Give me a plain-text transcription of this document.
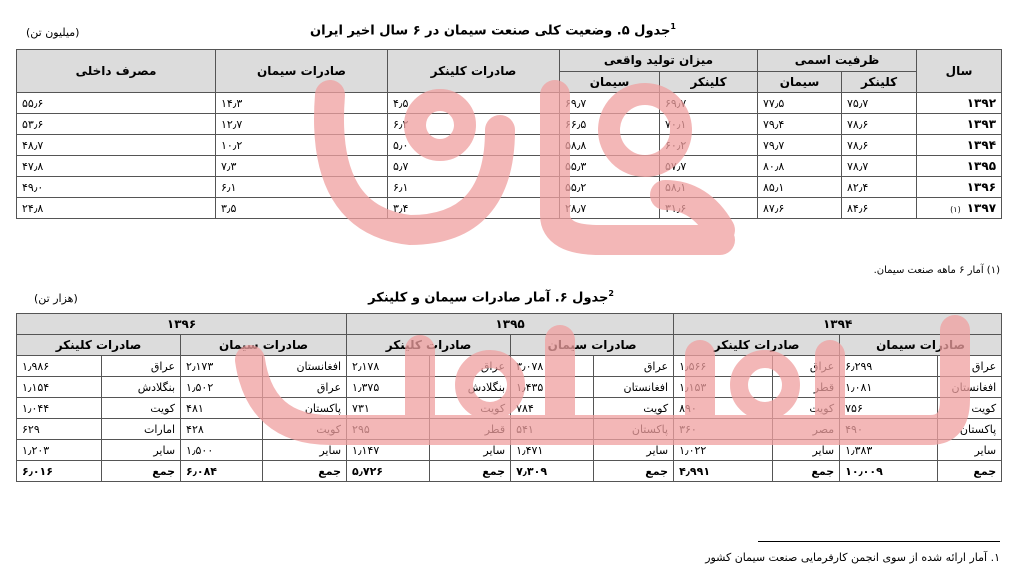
$^1$جدول ۵. وضعیت کلی صنعت سیمان در ۶ سال اخیر ایران
(میلیون تن)
سال	ظرفیت اسمی		میزان تولید واقعی		صادرات کلینکر	صادرات سیمان	مصرف داخلی
	کلینکر	سیمان	کلینکر	سیمان			
۱۳۹۲	۷۵٫۷	۷۷٫۵	۶۹٫۷	۶۹٫۷	۴٫۵	۱۴٫۳	۵۵٫۶
۱۳۹۳	۷۸٫۶	۷۹٫۴	۷۰٫۱	۶۶٫۵	۶٫۲	۱۲٫۷	۵۳٫۶
۱۳۹۴	۷۸٫۶	۷۹٫۷	۶۰٫۲	۵۸٫۸	۵٫۰	۱۰٫۲	۴۸٫۷
۱۳۹۵	۷۸٫۷	۸۰٫۸	۵۷٫۷	۵۵٫۳	۵٫۷	۷٫۳	۴۷٫۸
۱۳۹۶	۸۲٫۴	۸۵٫۱	۵۸٫۱	۵۵٫۲	۶٫۱	۶٫۱	۴۹٫۰
۱۳۹۷(۱)	۸۴٫۶	۸۷٫۶	۳۱٫۶	۲۸٫۷	۳٫۴	۳٫۵	۲۴٫۸
(۱) آمار ۶ ماهه صنعت سیمان.
$^2$جدول ۶. آمار صادرات سیمان و کلینکر
(هزار تن)
۱۳۹۴				۱۳۹۵				۱۳۹۶			
صادرات سیمان		صادرات کلینکر		صادرات سیمان		صادرات کلینکر		صادرات سیمان		صادرات کلینکر	
عراق	۶٫۲۹۹	عراق	۱٫۵۶۶	عراق	۳٫۰۷۸	عراق	۲٫۱۷۸	افغانستان	۲٫۱۷۳	عراق	۱٫۹۸۶
افغانستان	۱٫۰۸۱	قطر	۱٫۱۵۳	افغانستان	۱٫۴۳۵	بنگلادش	۱٫۳۷۵	عراق	۱٫۵۰۲	بنگلادش	۱٫۱۵۴
کویت	۷۵۶	کویت	۸۹۰	کویت	۷۸۴	کویت	۷۳۱	پاکستان	۴۸۱	کویت	۱٫۰۴۴
پاکستان	۴۹۰	مصر	۳۶۰	پاکستان	۵۴۱	قطر	۲۹۵	کویت	۴۲۸	امارات	۶۲۹
سایر	۱٫۳۸۳	سایر	۱٫۰۲۲	سایر	۱٫۴۷۱	سایر	۱٫۱۴۷	سایر	۱٫۵۰۰	سایر	۱٫۲۰۳
جمع	۱۰٫۰۰۹	جمع	۴٫۹۹۱	جمع	۷٫۳۰۹	جمع	۵٫۷۲۶	جمع	۶٫۰۸۴	جمع	۶٫۰۱۶
۱. آمار ارائه شده از سوی انجمن کارفرمایی صنعت سیمان کشور
